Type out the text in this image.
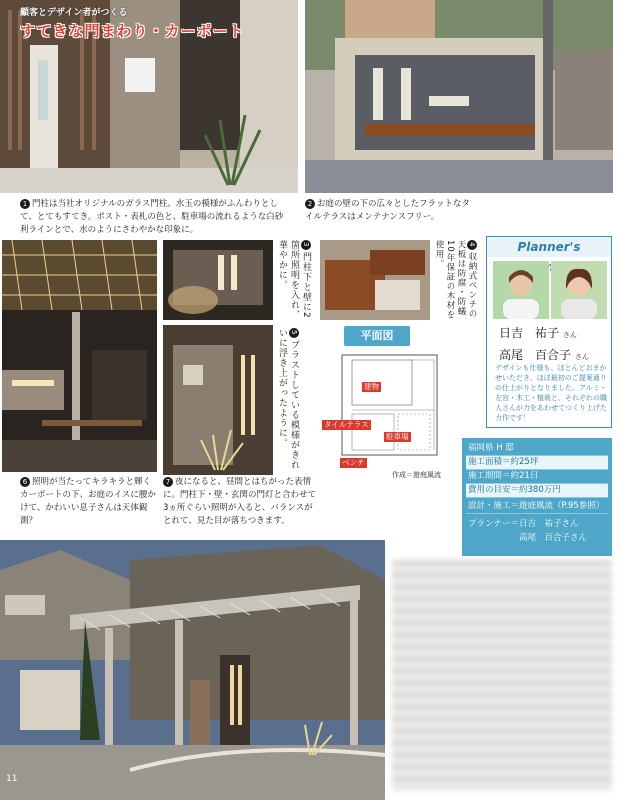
顧客とデザイン者がつくる
すてきな門まわり・カーポート
1 門柱は当社オリジナルのガラス門柱。水玉の模様がふんわりとして、とてもすてき。ポスト・表札の色と、駐車場の流れるような白砂利ラインとで、水のようにさわやかな印象に。
2 お庭の壁の下の広々としたフラットなタイルテラスはメンテナンスフリー。
3門柱下と壁に2箇所照明を入れ、華やかに。
5ブラストしている模様がきれいに浮き上がったように。
4収納式ベンチの天板は防腐・防蟻10年保証の木材を使用。
平面図
建物
タイルテラス
駐車場
ベンチ
作成＝遊庭風流
Planner's
日吉　祐子 さん
高尾　百合子 さん
デザインも仕様も、ほとんどおまかせいただき、ほぼ最初のご提案通りの仕上がりとなりました。アルミ・左官・木工・植栽と、それぞれの職人さんが力をあわせてつくり上げた力作です！
6 照明が当たってキラキラと輝くカーポートの下、お庭のイスに腰かけて、かわいい息子さんは天体観測？
7 夜になると、昼間とはちがった表情に。門柱下・壁・玄関の門灯と合わせて3ヵ所ぐらい照明が入ると、バランスがとれて、見た目が落ちつきます。
福岡県 H 邸
施工面積＝約25坪
施工期間＝約21日
費用の目安＝約380万円
設計・施工＝遊庭風流（P.95参照）
プランナー＝日吉　祐子さん
　　　　　　高尾　百合子さん
11
